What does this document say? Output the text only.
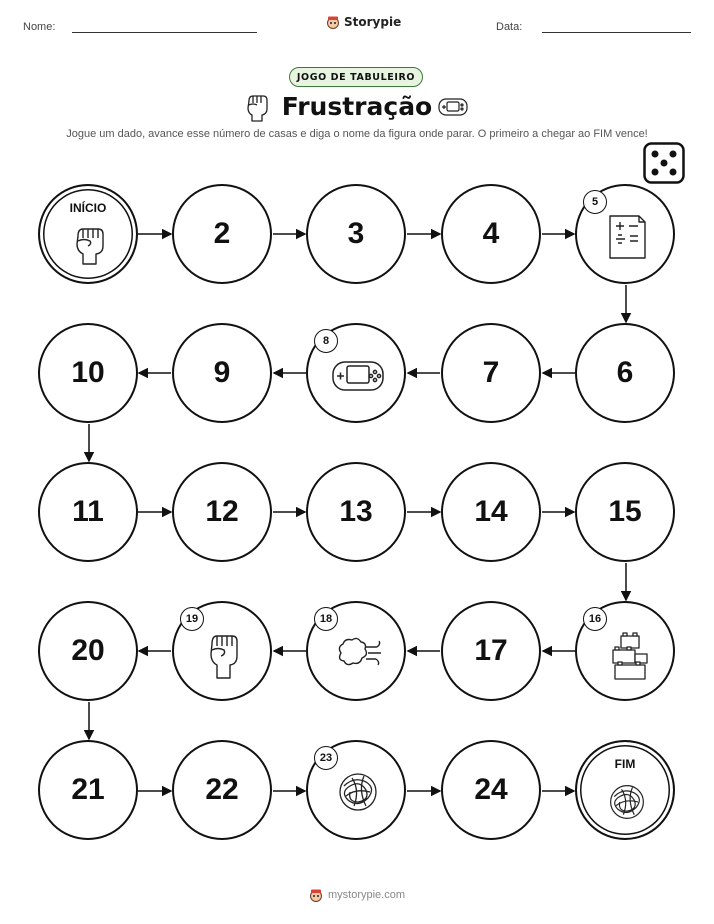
Nome:	Storypie	Data:
JOGO DE TABULEIRO
Frustração
Jogue um dado, avance esse número de casas e diga o nome da figura onde parar. O primeiro a chegar ao FIM vence!
INÍCIO
2	3	4
5
10	9
8
7	6
11	12	13	14	15
20
19	18
17
16
21	22
23
24
FIM
mystorypie.com
